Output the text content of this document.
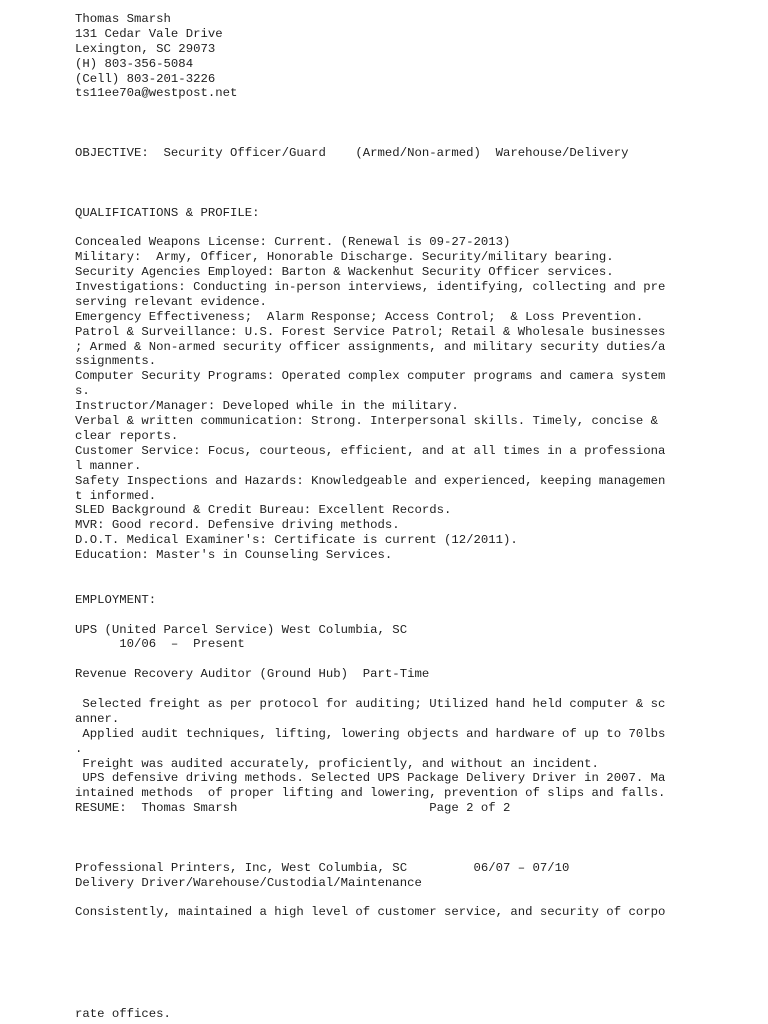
Thomas Smarsh
131 Cedar Vale Drive
Lexington, SC 29073
(H) 803-356-5084
(Cell) 803-201-3226
ts11ee70a@westpost.net
OBJECTIVE:  Security Officer/Guard    (Armed/Non-armed)  Warehouse/Delivery
QUALIFICATIONS & PROFILE:
Concealed Weapons License: Current. (Renewal is 09-27-2013)
Military:  Army, Officer, Honorable Discharge. Security/military bearing.
Security Agencies Employed: Barton & Wackenhut Security Officer services.
Investigations: Conducting in-person interviews, identifying, collecting and pre
serving relevant evidence.
Emergency Effectiveness;  Alarm Response; Access Control;  & Loss Prevention.
Patrol & Surveillance: U.S. Forest Service Patrol; Retail & Wholesale businesses
; Armed & Non-armed security officer assignments, and military security duties/a
ssignments.
Computer Security Programs: Operated complex computer programs and camera system
s.
Instructor/Manager: Developed while in the military.
Verbal & written communication: Strong. Interpersonal skills. Timely, concise &
clear reports.
Customer Service: Focus, courteous, efficient, and at all times in a professiona
l manner.
Safety Inspections and Hazards: Knowledgeable and experienced, keeping managemen
t informed.
SLED Background & Credit Bureau: Excellent Records.
MVR: Good record. Defensive driving methods.
D.O.T. Medical Examiner's: Certificate is current (12/2011).
Education: Master's in Counseling Services.
EMPLOYMENT:
UPS (United Parcel Service) West Columbia, SC
10/06  –  Present
Revenue Recovery Auditor (Ground Hub)  Part-Time
Selected freight as per protocol for auditing; Utilized hand held computer & sc
anner.
Applied audit techniques, lifting, lowering objects and hardware of up to 70lbs
.
Freight was audited accurately, proficiently, and without an incident.
UPS defensive driving methods. Selected UPS Package Delivery Driver in 2007. Ma
intained methods  of proper lifting and lowering, prevention of slips and falls.
RESUME:  Thomas Smarsh                          Page 2 of 2
Professional Printers, Inc, West Columbia, SC         06/07 – 07/10
Delivery Driver/Warehouse/Custodial/Maintenance
Consistently, maintained a high level of customer service, and security of corpo
rate offices.
